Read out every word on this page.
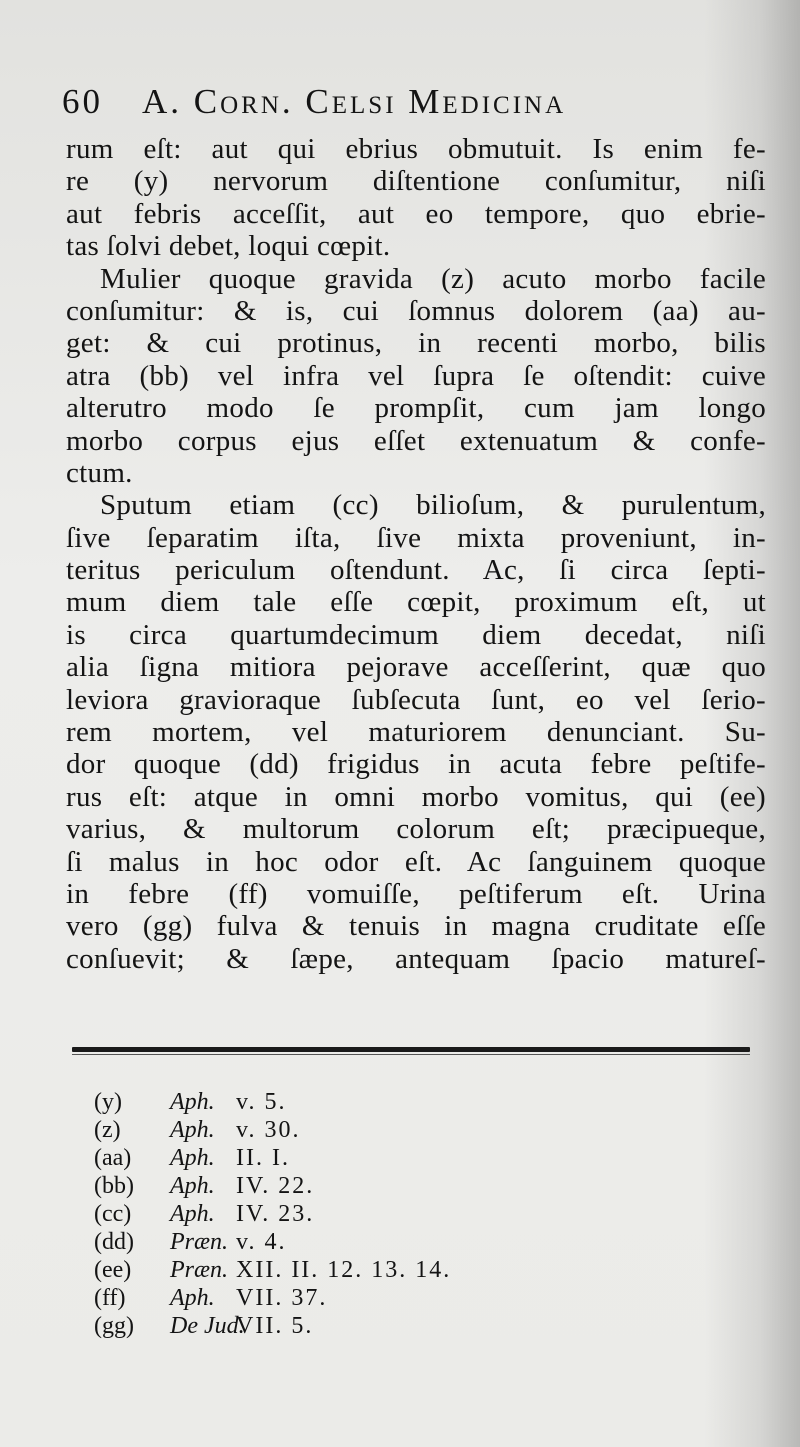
60 A. Corn. Celsi Medicina
rum eſt: aut qui ebrius obmutuit. Is enim fe-
re (y) nervorum diſtentione conſumitur, niſi
aut febris acceſſit, aut eo tempore, quo ebrie-
tas ſolvi debet, loqui cœpit.
Mulier quoque gravida (z) acuto morbo facile
conſumitur: & is, cui ſomnus dolorem (aa) au-
get: & cui protinus, in recenti morbo, bilis
atra (bb) vel infra vel ſupra ſe oſtendit: cuive
alterutro modo ſe prompſit, cum jam longo
morbo corpus ejus eſſet extenuatum & confe-
ctum.
Sputum etiam (cc) bilioſum, & purulentum,
ſive ſeparatim iſta, ſive mixta proveniunt, in-
teritus periculum oſtendunt. Ac, ſi circa ſepti-
mum diem tale eſſe cœpit, proximum eſt, ut
is circa quartumdecimum diem decedat, niſi
alia ſigna mitiora pejorave acceſſerint, quæ quo
leviora gravioraque ſubſecuta ſunt, eo vel ſerio-
rem mortem, vel maturiorem denunciant. Su-
dor quoque (dd) frigidus in acuta febre peſtife-
rus eſt: atque in omni morbo vomitus, qui (ee)
varius, & multorum colorum eſt; præcipueque,
ſi malus in hoc odor eſt. Ac ſanguinem quoque
in febre (ff) vomuiſſe, peſtiferum eſt. Urina
vero (gg) fulva & tenuis in magna cruditate eſſe
conſuevit; & ſæpe, antequam ſpacio matureſ-
(y) Aph. v. 5.
(z) Aph. v. 30.
(aa) Aph. II. I.
(bb) Aph. IV. 22.
(cc) Aph. IV. 23.
(dd) Præn. v. 4.
(ee) Præn. XII. II. 12. 13. 14.
(ff) Aph. VII. 37.
(gg) De Jud.VII. 5.
